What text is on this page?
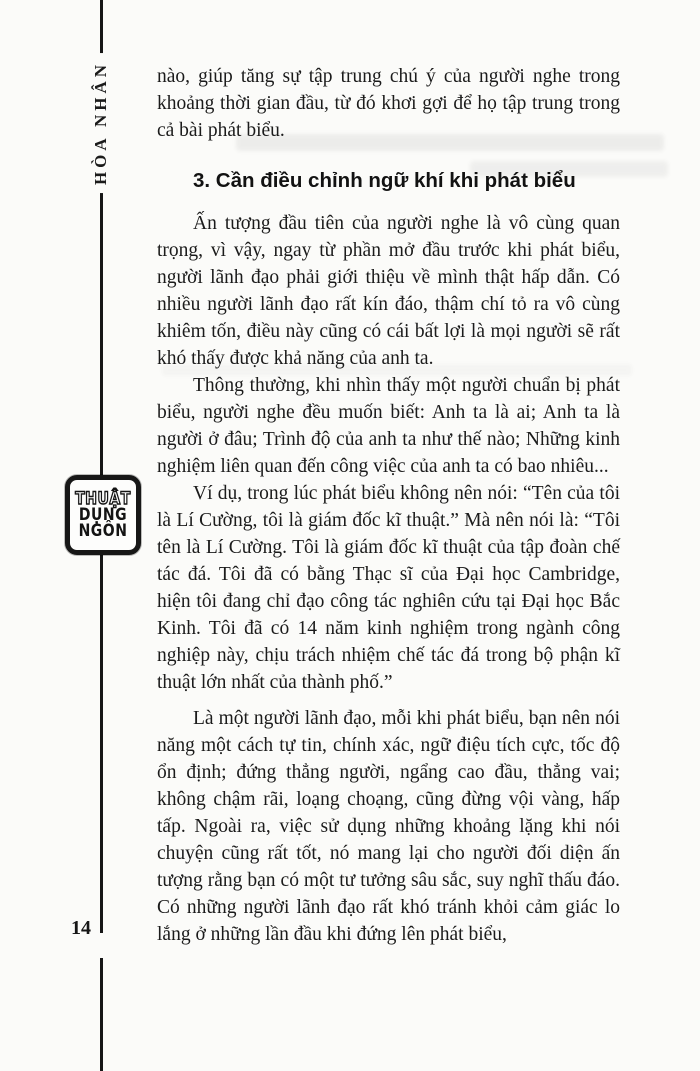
HÒA NHÂN
THUẬT
DỤNG
NGÔN
14
nào, giúp tăng sự tập trung chú ý của người nghe trong khoảng thời gian đầu, từ đó khơi gợi để họ tập trung trong cả bài phát biểu.
3. Cần điều chỉnh ngữ khí khi phát biểu
Ấn tượng đầu tiên của người nghe là vô cùng quan trọng, vì vậy, ngay từ phần mở đầu trước khi phát biểu, người lãnh đạo phải giới thiệu về mình thật hấp dẫn. Có nhiều người lãnh đạo rất kín đáo, thậm chí tỏ ra vô cùng khiêm tốn, điều này cũng có cái bất lợi là mọi người sẽ rất khó thấy được khả năng của anh ta.
Thông thường, khi nhìn thấy một người chuẩn bị phát biểu, người nghe đều muốn biết: Anh ta là ai; Anh ta là người ở đâu; Trình độ của anh ta như thế nào; Những kinh nghiệm liên quan đến công việc của anh ta có bao nhiêu...
Ví dụ, trong lúc phát biểu không nên nói: “Tên của tôi là Lí Cường, tôi là giám đốc kĩ thuật.” Mà nên nói là: “Tôi tên là Lí Cường. Tôi là giám đốc kĩ thuật của tập đoàn chế tác đá. Tôi đã có bằng Thạc sĩ của Đại học Cambridge, hiện tôi đang chỉ đạo công tác nghiên cứu tại Đại học Bắc Kinh. Tôi đã có 14 năm kinh nghiệm trong ngành công nghiệp này, chịu trách nhiệm chế tác đá trong bộ phận kĩ thuật lớn nhất của thành phố.”
Là một người lãnh đạo, mỗi khi phát biểu, bạn nên nói năng một cách tự tin, chính xác, ngữ điệu tích cực, tốc độ ổn định; đứng thẳng người, ngẩng cao đầu, thẳng vai; không chậm rãi, loạng choạng, cũng đừng vội vàng, hấp tấp. Ngoài ra, việc sử dụng những khoảng lặng khi nói chuyện cũng rất tốt, nó mang lại cho người đối diện ấn tượng rằng bạn có một tư tưởng sâu sắc, suy nghĩ thấu đáo. Có những người lãnh đạo rất khó tránh khỏi cảm giác lo lắng ở những lần đầu khi đứng lên phát biểu,
